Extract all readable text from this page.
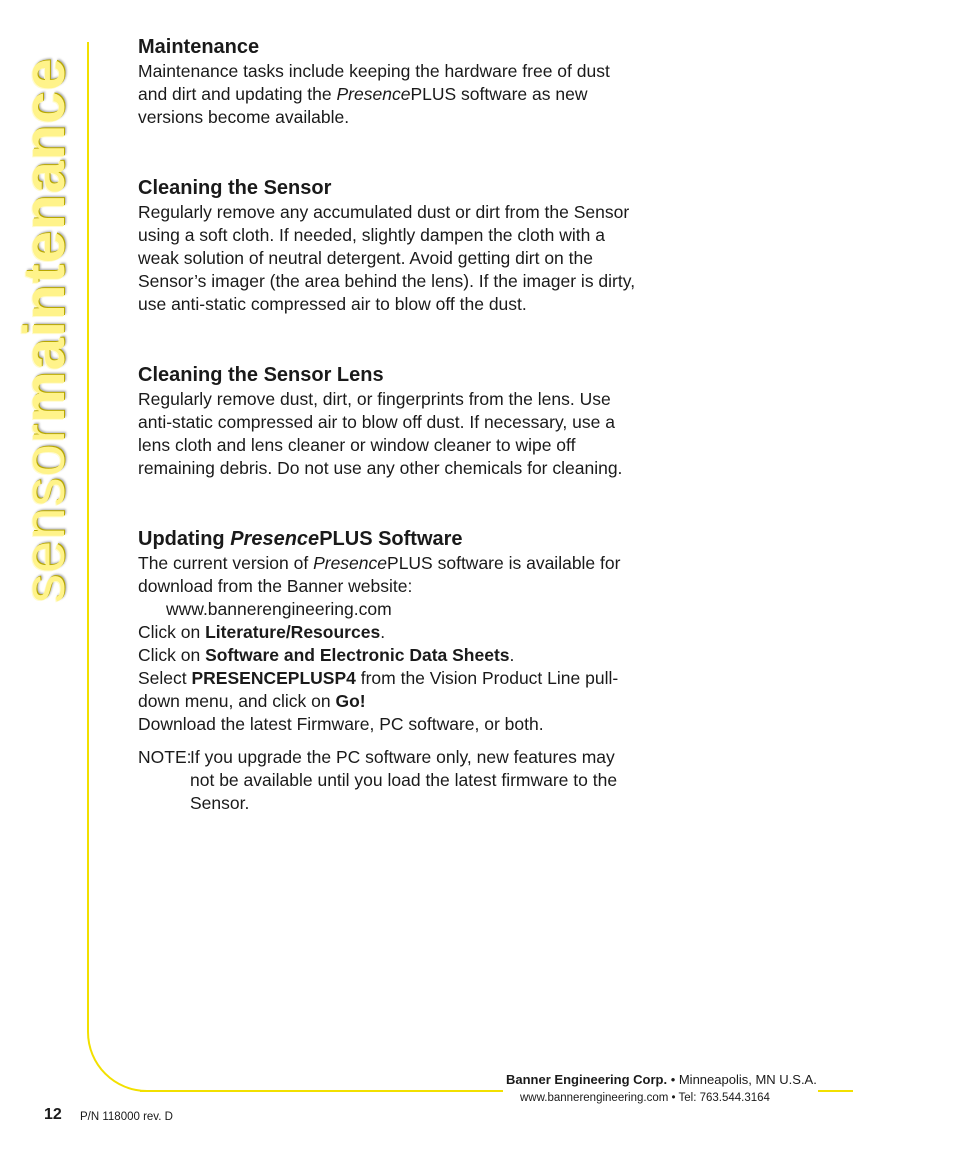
sensormaintenance
Maintenance

Maintenance tasks include keeping the hardware free of dust and dirt and updating the PresencePLUS software as new versions become available.

Cleaning the Sensor

Regularly remove any accumulated dust or dirt from the Sensor using a soft cloth. If needed, slightly dampen the cloth with a weak solution of neutral detergent. Avoid getting dirt on the Sensor’s imager (the area behind the lens). If the imager is dirty, use anti-static compressed air to blow off the dust.

Cleaning the Sensor Lens

Regularly remove dust, dirt, or fingerprints from the lens. Use anti-static compressed air to blow off dust. If necessary, use a lens cloth and lens cleaner or window cleaner to wipe off remaining debris. Do not use any other chemicals for cleaning.

Updating PresencePLUS Software

The current version of PresencePLUS software is available for download from the Banner website:

www.bannerengineering.com

Click on Literature/Resources.

Click on Software and Electronic Data Sheets.

Select PRESENCEPLUSP4 from the Vision Product Line pull-down menu, and click on Go!

Download the latest Firmware, PC software, or both.

NOTE:
If you upgrade the PC software only, new features may not be available until you load the latest firmware to the Sensor.
Banner Engineering Corp. • Minneapolis, MN U.S.A.
www.bannerengineering.com • Tel: 763.544.3164
12 P/N 118000 rev. D
